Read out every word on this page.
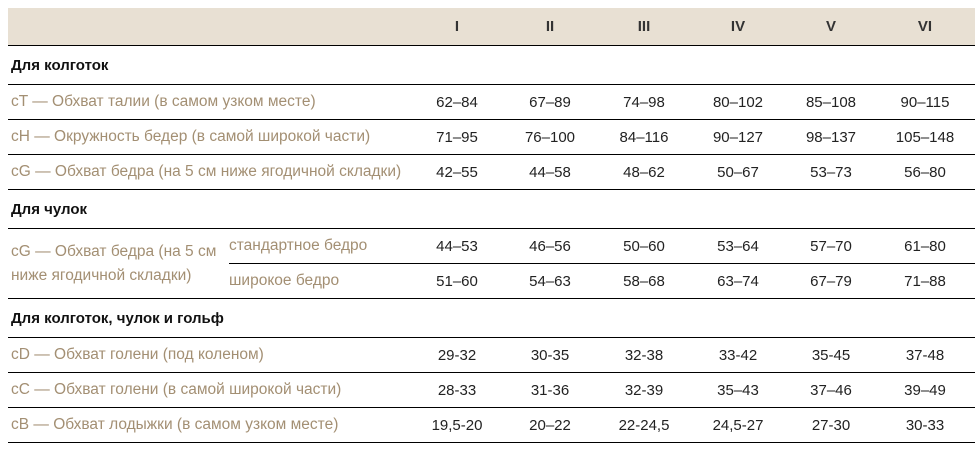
I	II	III	IV	V	VI
Для колготок
cT — Обхват талии (в самом узком месте)	62–84	67–89	74–98	80–102	85–108	90–115
cH — Окружность бедер (в самой широкой части)	71–95	76–100	84–116	90–127	98–137	105–148
cG — Обхват бедра (на 5 см ниже ягодичной складки)	42–55	44–58	48–62	50–67	53–73	56–80
Для чулок
cG — Обхват бедра (на 5 см
ниже ягодичной складки)
стандартное бедро	44–53	46–56	50–60	53–64	57–70	61–80
широкое бедро	51–60	54–63	58–68	63–74	67–79	71–88
Для колготок, чулок и гольф
cD — Обхват голени (под коленом)	29-32	30-35	32-38	33-42	35-45	37-48
cC — Обхват голени (в самой широкой части)	28-33	31-36	32-39	35–43	37–46	39–49
cB — Обхват лодыжки (в самом узком месте)	19,5-20	20–22	22-24,5	24,5-27	27-30	30-33
